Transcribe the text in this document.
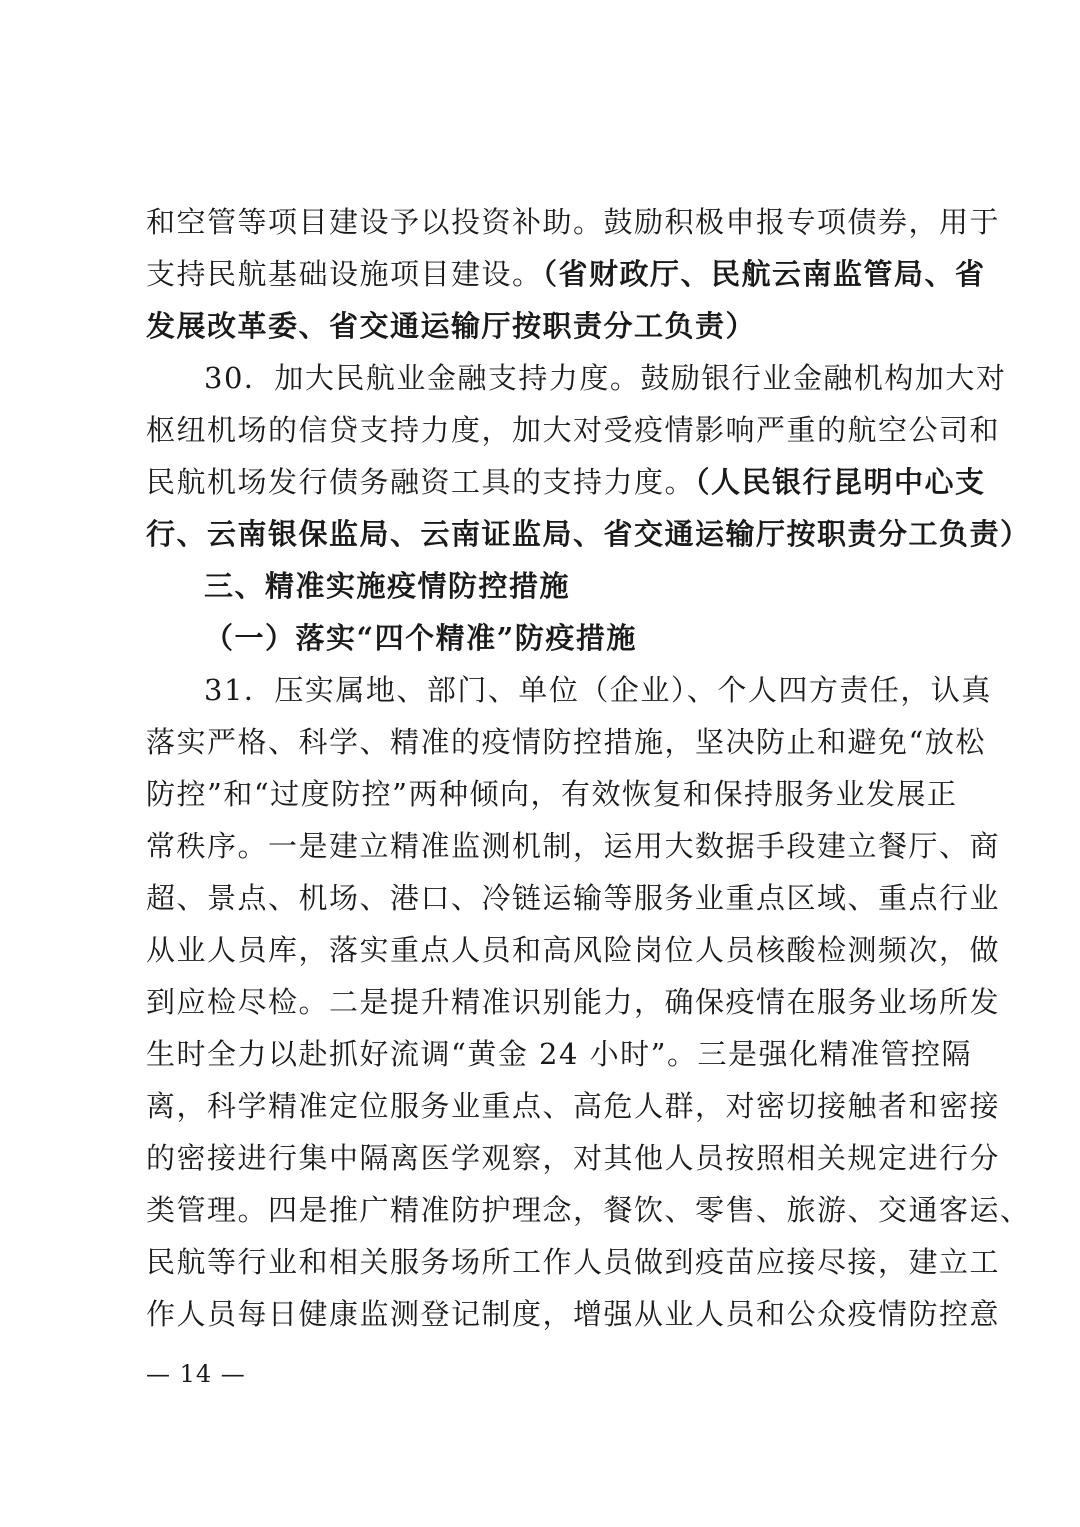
和空管等项目建设予以投资补助。鼓励积极申报专项债券，用于
支持民航基础设施项目建设。（省财政厅、民航云南监管局、省
发展改革委、省交通运输厅按职责分工负责）
30．加大民航业金融支持力度。鼓励银行业金融机构加大对
枢纽机场的信贷支持力度，加大对受疫情影响严重的航空公司和
民航机场发行债务融资工具的支持力度。（人民银行昆明中心支
行、云南银保监局、云南证监局、省交通运输厅按职责分工负责）
三、精准实施疫情防控措施
（一）落实“四个精准”防疫措施
31．压实属地、部门、单位（企业）、个人四方责任，认真
落实严格、科学、精准的疫情防控措施，坚决防止和避免“放松
防控”和“过度防控”两种倾向，有效恢复和保持服务业发展正
常秩序。一是建立精准监测机制，运用大数据手段建立餐厅、商
超、景点、机场、港口、冷链运输等服务业重点区域、重点行业
从业人员库，落实重点人员和高风险岗位人员核酸检测频次，做
到应检尽检。二是提升精准识别能力，确保疫情在服务业场所发
生时全力以赴抓好流调“黄金 24 小时”。三是强化精准管控隔
离，科学精准定位服务业重点、高危人群，对密切接触者和密接
的密接进行集中隔离医学观察，对其他人员按照相关规定进行分
类管理。四是推广精准防护理念，餐饮、零售、旅游、交通客运、
民航等行业和相关服务场所工作人员做到疫苗应接尽接，建立工
作人员每日健康监测登记制度，增强从业人员和公众疫情防控意
— 14 —
